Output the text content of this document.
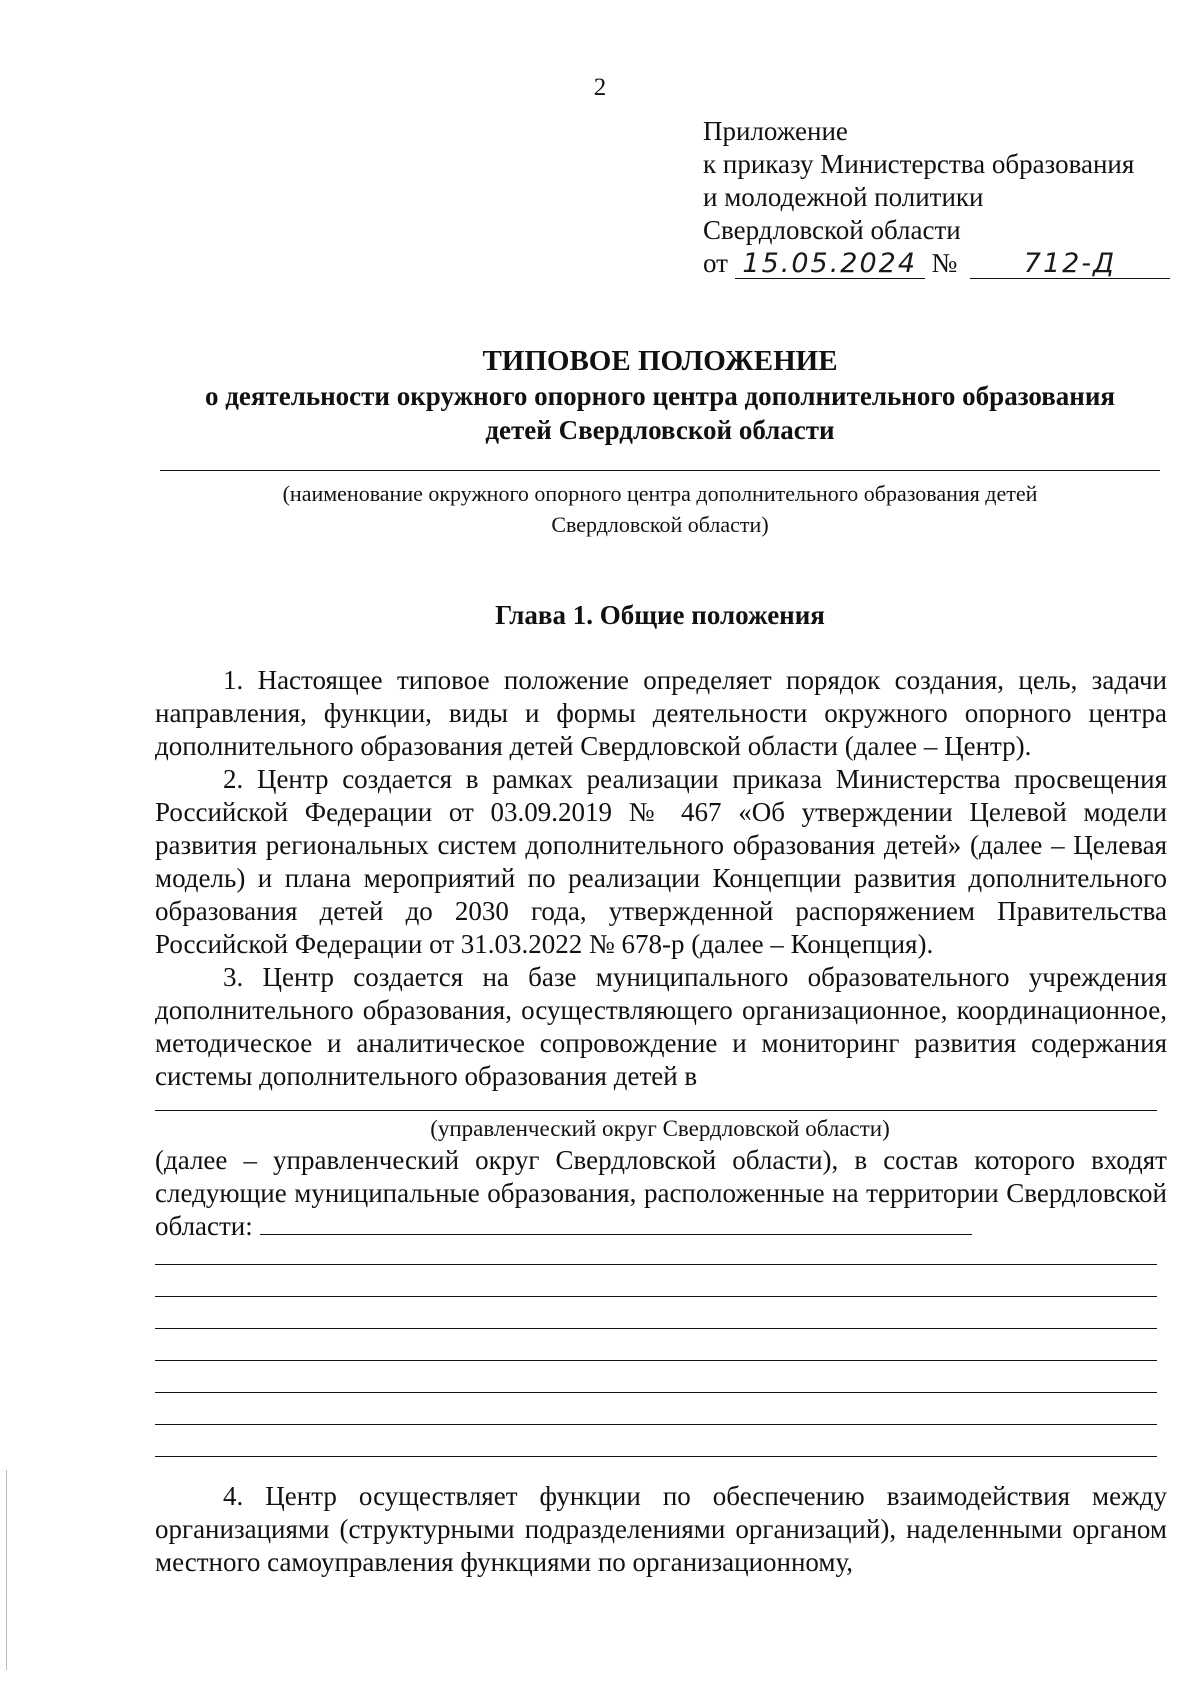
2
Приложение
к приказу Министерства образования
и молодежной политики
Свердловской области
от 15.05.2024 № 712-Д
ТИПОВОЕ ПОЛОЖЕНИЕ
о деятельности окружного опорного центра дополнительного образования
детей Свердловской области
(наименование окружного опорного центра дополнительного образования детей
Свердловской области)
Глава 1. Общие положения
1. Настоящее типовое положение определяет порядок создания, цель, задачи направления, функции, виды и формы деятельности окружного опорного центра дополнительного образования детей Свердловской области (далее – Центр).
2. Центр создается в рамках реализации приказа Министерства просвещения Российской Федерации от 03.09.2019 № 467 «Об утверждении Целевой модели развития региональных систем дополнительного образования детей» (далее – Целевая модель) и плана мероприятий по реализации Концепции развития дополнительного образования детей до 2030 года, утвержденной распоряжением Правительства Российской Федерации от 31.03.2022 № 678-р (далее – Концепция).
3. Центр создается на базе муниципального образовательного учреждения дополнительного образования, осуществляющего организационное, координационное, методическое и аналитическое сопровождение и мониторинг развития содержания системы дополнительного образования детей в
(управленческий округ Свердловской области)
(далее – управленческий округ Свердловской области), в состав которого входят следующие муниципальные образования, расположенные на территории Свердловской области:
4. Центр осуществляет функции по обеспечению взаимодействия между организациями (структурными подразделениями организаций), наделенными органом местного самоуправления функциями по организационному,
